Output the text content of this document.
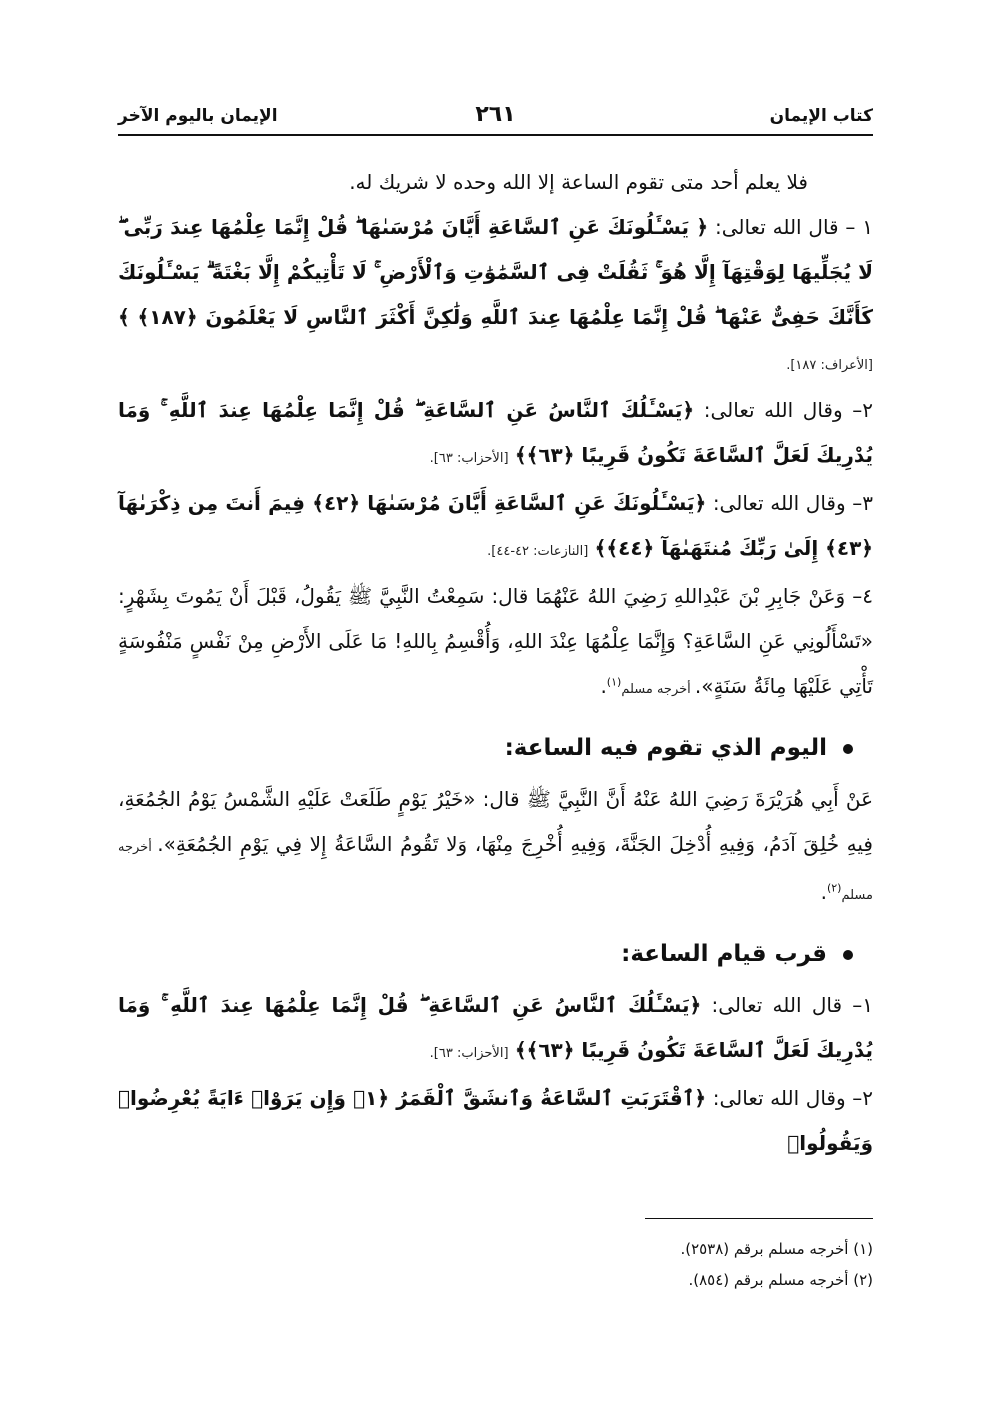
كتاب الإيمان
٢٦١
الإيمان باليوم الآخر

فلا يعلم أحد متى تقوم الساعة إلا الله وحده لا شريك له.

١ – قال الله تعالى: ﴿ يَسْـَٔلُونَكَ عَنِ ٱلسَّاعَةِ أَيَّانَ مُرْسَىٰهَا ۖ قُلْ إِنَّمَا عِلْمُهَا عِندَ رَبِّى ۖ لَا يُجَلِّيهَا لِوَقْتِهَآ إِلَّا هُوَ ۚ ثَقُلَتْ فِى ٱلسَّمَٰوَٰتِ وَٱلْأَرْضِ ۚ لَا تَأْتِيكُمْ إِلَّا بَغْتَةً ۗ يَسْـَٔلُونَكَ كَأَنَّكَ حَفِىٌّ عَنْهَا ۖ قُلْ إِنَّمَا عِلْمُهَا عِندَ ٱللَّهِ وَلَٰكِنَّ أَكْثَرَ ٱلنَّاسِ لَا يَعْلَمُونَ ﴿١٨٧﴾ ﴾ [الأعراف: ١٨٧].

٢– وقال الله تعالى: ﴿يَسْـَٔلُكَ ٱلنَّاسُ عَنِ ٱلسَّاعَةِ ۖ قُلْ إِنَّمَا عِلْمُهَا عِندَ ٱللَّهِ ۚ وَمَا يُدْرِيكَ لَعَلَّ ٱلسَّاعَةَ تَكُونُ قَرِيبًا ﴿٦٣﴾﴾ [الأحزاب: ٦٣].

٣– وقال الله تعالى: ﴿يَسْـَٔلُونَكَ عَنِ ٱلسَّاعَةِ أَيَّانَ مُرْسَىٰهَا ﴿٤٢﴾ فِيمَ أَنتَ مِن ذِكْرَىٰهَآ ﴿٤٣﴾ إِلَىٰ رَبِّكَ مُنتَهَىٰهَآ ﴿٤٤﴾﴾ [النازعات: ٤٢-٤٤].

٤– وَعَنْ جَابِرِ بْنَ عَبْدِاللهِ رَضِيَ اللهُ عَنْهُمَا قال: سَمِعْتُ النَّبِيَّ ﷺ يَقُولُ، قَبْلَ أَنْ يَمُوتَ بِشَهْرٍ: «تَسْأَلُونِي عَنِ السَّاعَةِ؟ وَإِنَّمَا عِلْمُهَا عِنْدَ اللهِ، وَأُقْسِمُ بِاللهِ! مَا عَلَى الأَرْضِ مِنْ نَفْسٍ مَنْفُوسَةٍ تَأْتِي عَلَيْهَا مِائَةُ سَنَةٍ». أخرجه مسلم$^{(١)}$.

اليوم الذي تقوم فيه الساعة:

عَنْ أَبِي هُرَيْرَةَ رَضِيَ اللهُ عَنْهُ أَنَّ النَّبِيَّ ﷺ قال: «خَيْرُ يَوْمٍ طَلَعَتْ عَلَيْهِ الشَّمْسُ يَوْمُ الجُمُعَةِ، فِيهِ خُلِقَ آدَمُ، وَفِيهِ أُدْخِلَ الجَنَّةَ، وَفِيهِ أُخْرِجَ مِنْهَا، وَلا تَقُومُ السَّاعَةُ إِلا فِي يَوْمِ الجُمُعَةِ». أخرجه مسلم$^{(٢)}$.

قرب قيام الساعة:

١– قال الله تعالى: ﴿يَسْـَٔلُكَ ٱلنَّاسُ عَنِ ٱلسَّاعَةِ ۖ قُلْ إِنَّمَا عِلْمُهَا عِندَ ٱللَّهِ ۚ وَمَا يُدْرِيكَ لَعَلَّ ٱلسَّاعَةَ تَكُونُ قَرِيبًا ﴿٦٣﴾﴾ [الأحزاب: ٦٣].

٢– وقال الله تعالى: ﴿ٱقْتَرَبَتِ ٱلسَّاعَةُ وَٱنشَقَّ ٱلْقَمَرُ ﴿١﴾ وَإِن يَرَوْا۟ ءَايَةً يُعْرِضُوا۟ وَيَقُولُوا۟

(١) أخرجه مسلم برقم (٢٥٣٨).
(٢) أخرجه مسلم برقم (٨٥٤).
